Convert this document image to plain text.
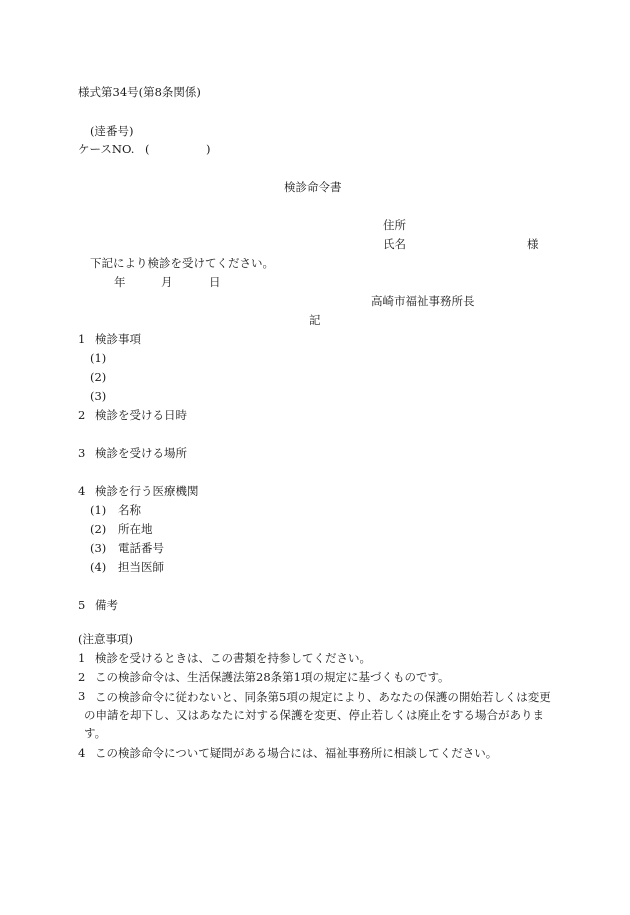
様式第34号(第8条関係)
(逹番号)
ケースNO. (	)
検診命令書
住所
氏名	様
下記により検診を受けてください。
年	月	日
高崎市福祉事務所長
記
1 検診事項
(1)
(2)
(3)
2 検診を受ける日時
3 検診を受ける場所
4 検診を行う医療機関
(1) 名称
(2) 所在地
(3) 電話番号
(4) 担当医師
5 備考
(注意事項)
1 検診を受けるときは、この書類を持参してください。
2 この検診命令は、生活保護法第28条第1項の規定に基づくものです。
3 この検診命令に従わないと、同条第5項の規定により、あなたの保護の開始若しくは変更の申請を却下し、又はあなたに対する保護を変更、停止若しくは廃止をする場合があります。
4 この検診命令について疑問がある場合には、福祉事務所に相談してください。
